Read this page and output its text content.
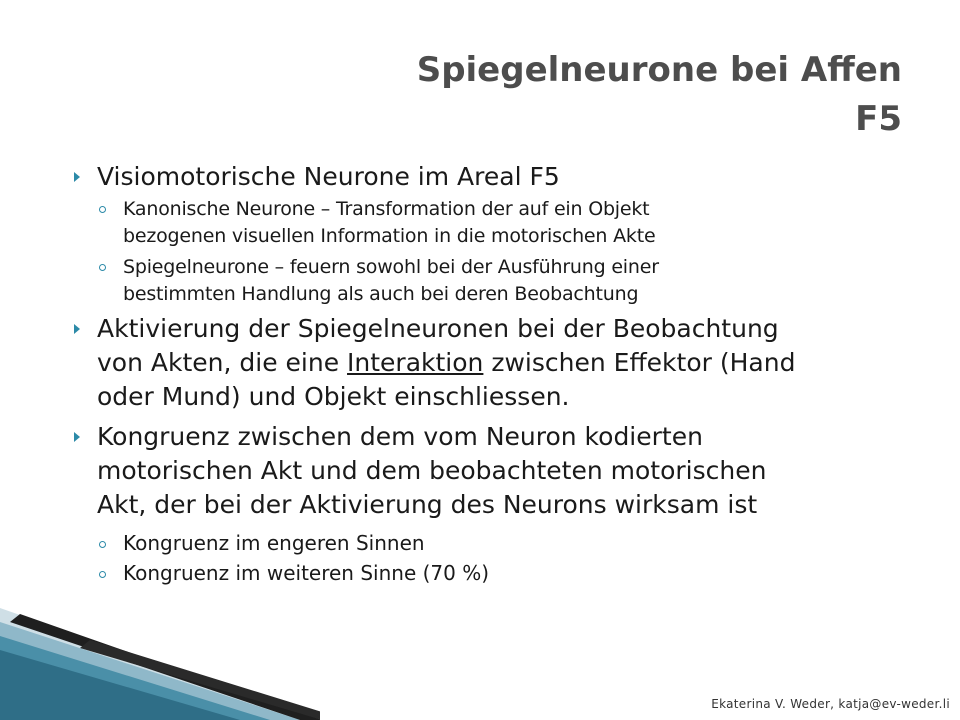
Spiegelneurone bei Affen
F5
Visiomotorische Neurone im Areal F5
Kanonische Neurone – Transformation der auf ein Objekt
bezogenen visuellen Information in die motorischen Akte
Spiegelneurone – feuern sowohl bei der Ausführung einer
bestimmten Handlung als auch bei deren Beobachtung
Aktivierung der Spiegelneuronen bei der Beobachtung
von Akten, die eine Interaktion zwischen Effektor (Hand
oder Mund) und Objekt einschliessen.
Kongruenz zwischen dem vom Neuron kodierten
motorischen Akt und dem beobachteten motorischen
Akt, der bei der Aktivierung des Neurons wirksam ist
Kongruenz im engeren Sinnen
Kongruenz im weiteren Sinne (70 %)
Ekaterina V. Weder, katja@ev-weder.li
